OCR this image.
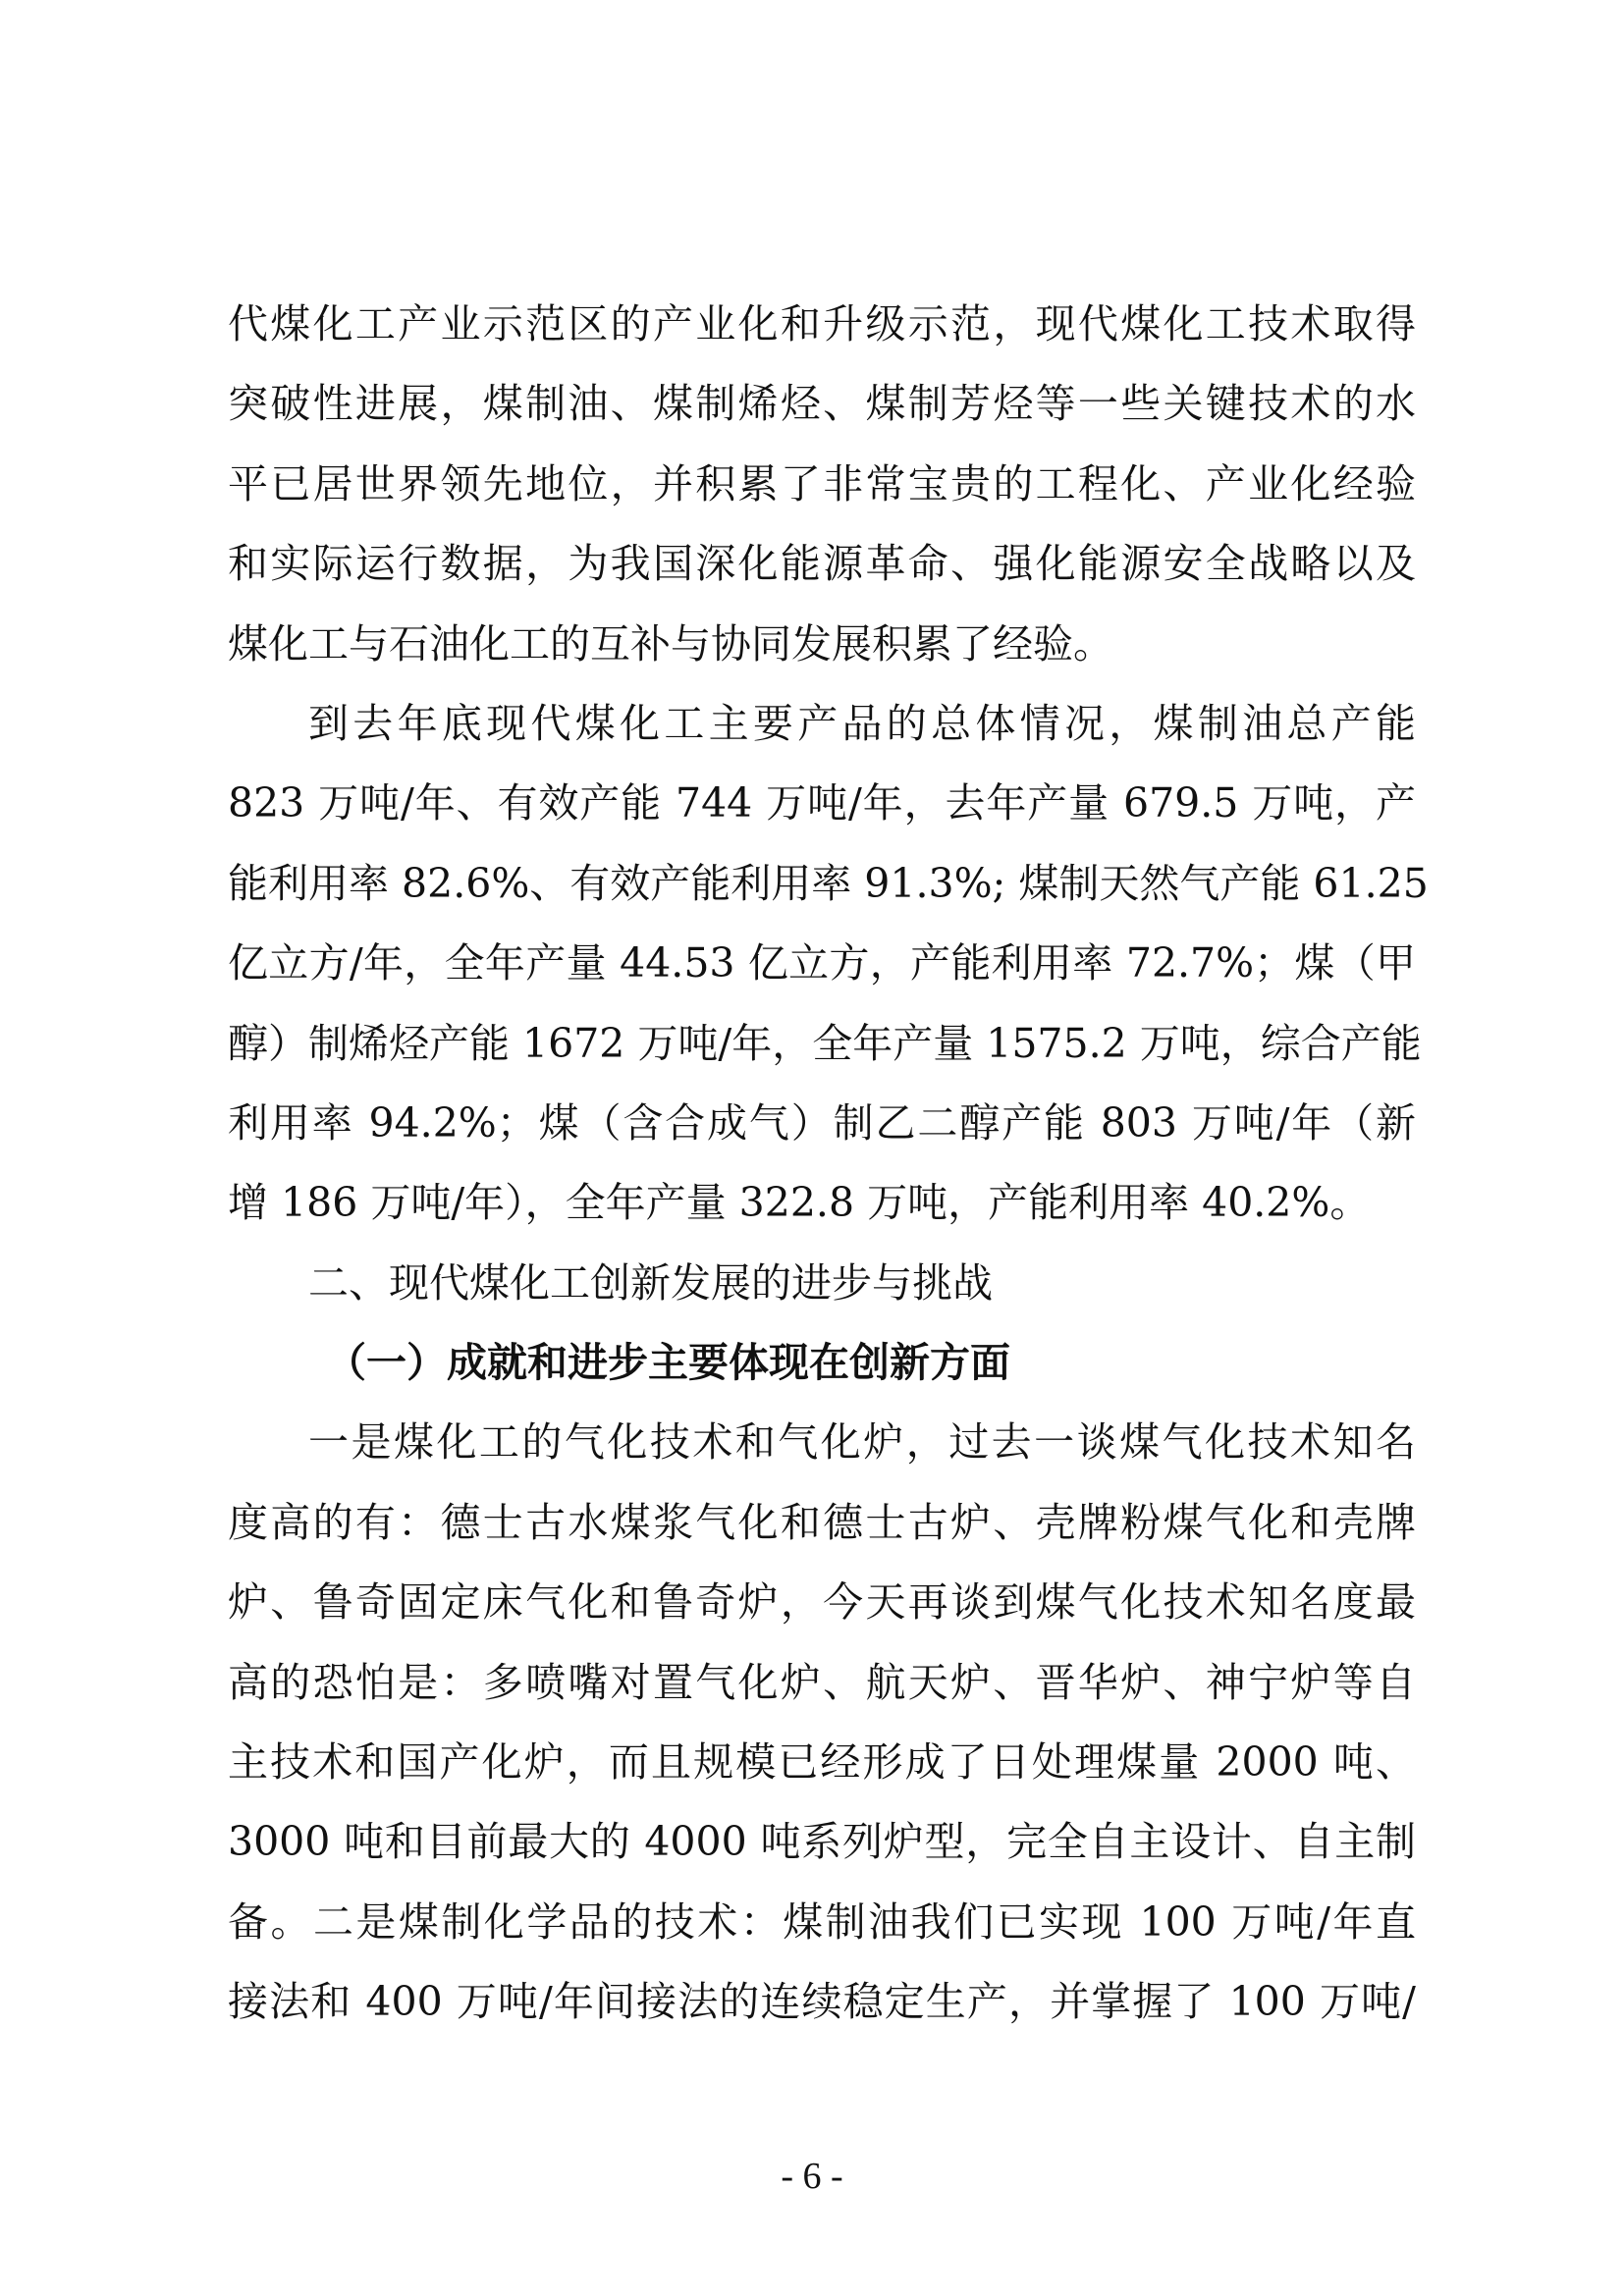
代煤化工产业示范区的产业化和升级示范，现代煤化工技术取得

突破性进展，煤制油、煤制烯烃、煤制芳烃等一些关键技术的水

平已居世界领先地位，并积累了非常宝贵的工程化、产业化经验

和实际运行数据，为我国深化能源革命、强化能源安全战略以及

煤化工与石油化工的互补与协同发展积累了经验。

到去年底现代煤化工主要产品的总体情况，煤制油总产能

823 万吨/年、有效产能 744 万吨/年，去年产量 679.5 万吨，产

能利用率 82.6%、有效产能利用率 91.3%; 煤制天然气产能 61.25

亿立方/年，全年产量 44.53 亿立方，产能利用率 72.7%；煤（甲

醇）制烯烃产能 1672 万吨/年，全年产量 1575.2 万吨，综合产能

利用率 94.2%；煤（含合成气）制乙二醇产能 803 万吨/年（新

增 186 万吨/年），全年产量 322.8 万吨，产能利用率 40.2%。

二、现代煤化工创新发展的进步与挑战

（一）成就和进步主要体现在创新方面

一是煤化工的气化技术和气化炉，过去一谈煤气化技术知名

度高的有：德士古水煤浆气化和德士古炉、壳牌粉煤气化和壳牌

炉、鲁奇固定床气化和鲁奇炉，今天再谈到煤气化技术知名度最

高的恐怕是：多喷嘴对置气化炉、航天炉、晋华炉、神宁炉等自

主技术和国产化炉，而且规模已经形成了日处理煤量 2000 吨、

3000 吨和目前最大的 4000 吨系列炉型，完全自主设计、自主制

备。二是煤制化学品的技术：煤制油我们已实现 100 万吨/年直

接法和 400 万吨/年间接法的连续稳定生产，并掌握了 100 万吨/

- 6 -
